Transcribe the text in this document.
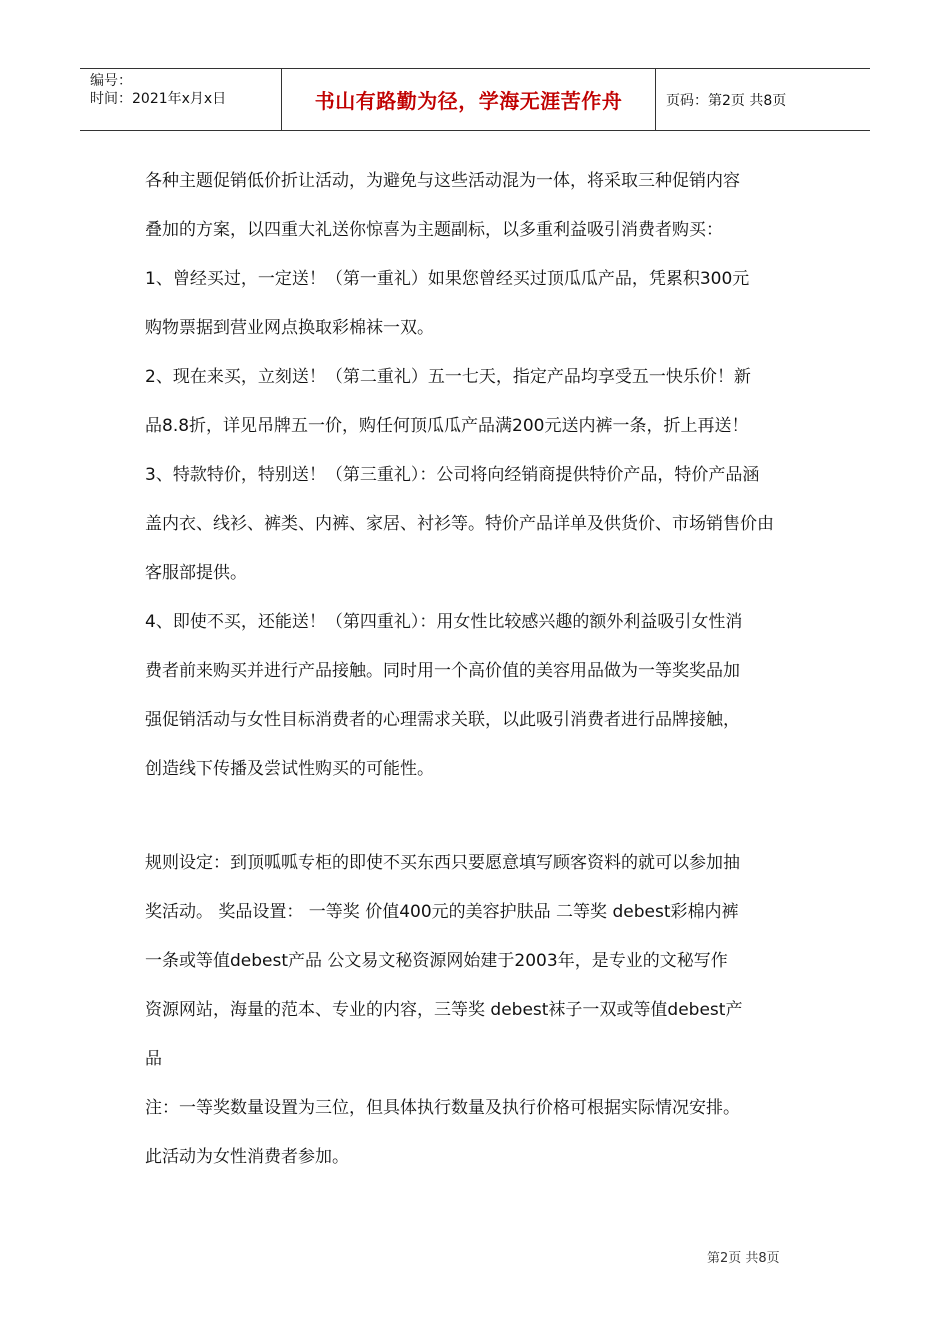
编号：
时间：2021年x月x日	书山有路勤为径，学海无涯苦作舟	页码：第2页 共8页
各种主题促销低价折让活动，为避免与这些活动混为一体，将采取三种促销内容
叠加的方案，以四重大礼送你惊喜为主题副标，以多重利益吸引消费者购买：
1、曾经买过，一定送！（第一重礼）如果您曾经买过顶瓜瓜产品，凭累积300元
购物票据到营业网点换取彩棉袜一双。
2、现在来买，立刻送！（第二重礼）五一七天，指定产品均享受五一快乐价！新
品8.8折，详见吊牌五一价，购任何顶瓜瓜产品满200元送内裤一条，折上再送！
3、特款特价，特别送！（第三重礼）：公司将向经销商提供特价产品，特价产品涵
盖内衣、线衫、裤类、内裤、家居、衬衫等。特价产品详单及供货价、市场销售价由
客服部提供。
4、即使不买，还能送！（第四重礼）：用女性比较感兴趣的额外利益吸引女性消
费者前来购买并进行产品接触。同时用一个高价值的美容用品做为一等奖奖品加
强促销活动与女性目标消费者的心理需求关联，以此吸引消费者进行品牌接触，
创造线下传播及尝试性购买的可能性。
规则设定：到顶呱呱专柜的即使不买东西只要愿意填写顾客资料的就可以参加抽
奖活动。 奖品设置： 一等奖 价值400元的美容护肤品 二等奖 debest彩棉内裤
一条或等值debest产品 公文易文秘资源网始建于2003年，是专业的文秘写作
资源网站，海量的范本、专业的内容，三等奖 debest袜子一双或等值debest产
品
注：一等奖数量设置为三位，但具体执行数量及执行价格可根据实际情况安排。
此活动为女性消费者参加。
第2页 共8页
